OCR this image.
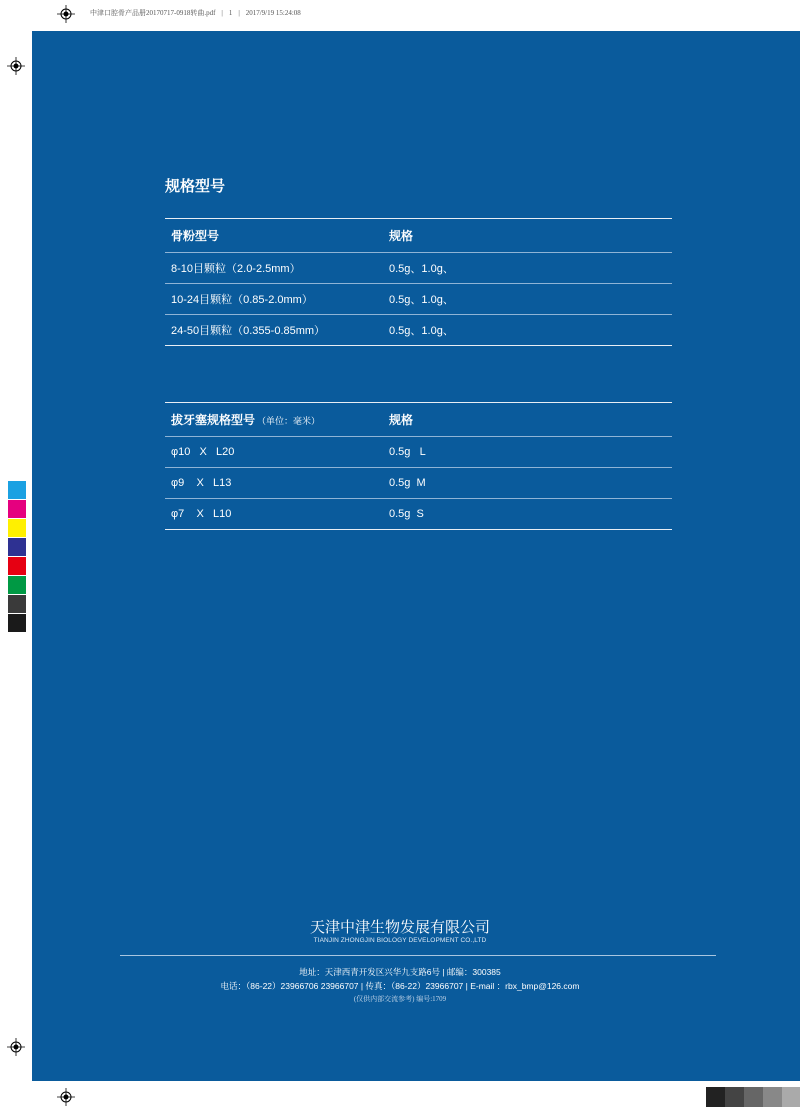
中津口腔骨产品册20170717-0918转曲.pdf | 1 | 2017/9/19 15:24:08
规格型号
骨粉型号	规格
8-10目颗粒（2.0-2.5mm）	0.5g、1.0g、
10-24目颗粒（0.85-2.0mm）	0.5g、1.0g、
24-50目颗粒（0.355-0.85mm）	0.5g、1.0g、
拔牙塞规格型号 （单位：毫米）	规格
φ10   X   L20	0.5g   L
φ9    X   L13	0.5g  M
φ7    X   L10	0.5g  S
天津中津生物发展有限公司
TIANJIN ZHONGJIN BIOLOGY DEVELOPMENT CO.,LTD
地址：天津西青开发区兴华九支路6号 | 邮编：300385
电话：（86-22）23966706 23966707 | 传真：（86-22）23966707 | E-mail ：rbx_bmp@126.com
(仅供内部交流参考) 编号:1709
